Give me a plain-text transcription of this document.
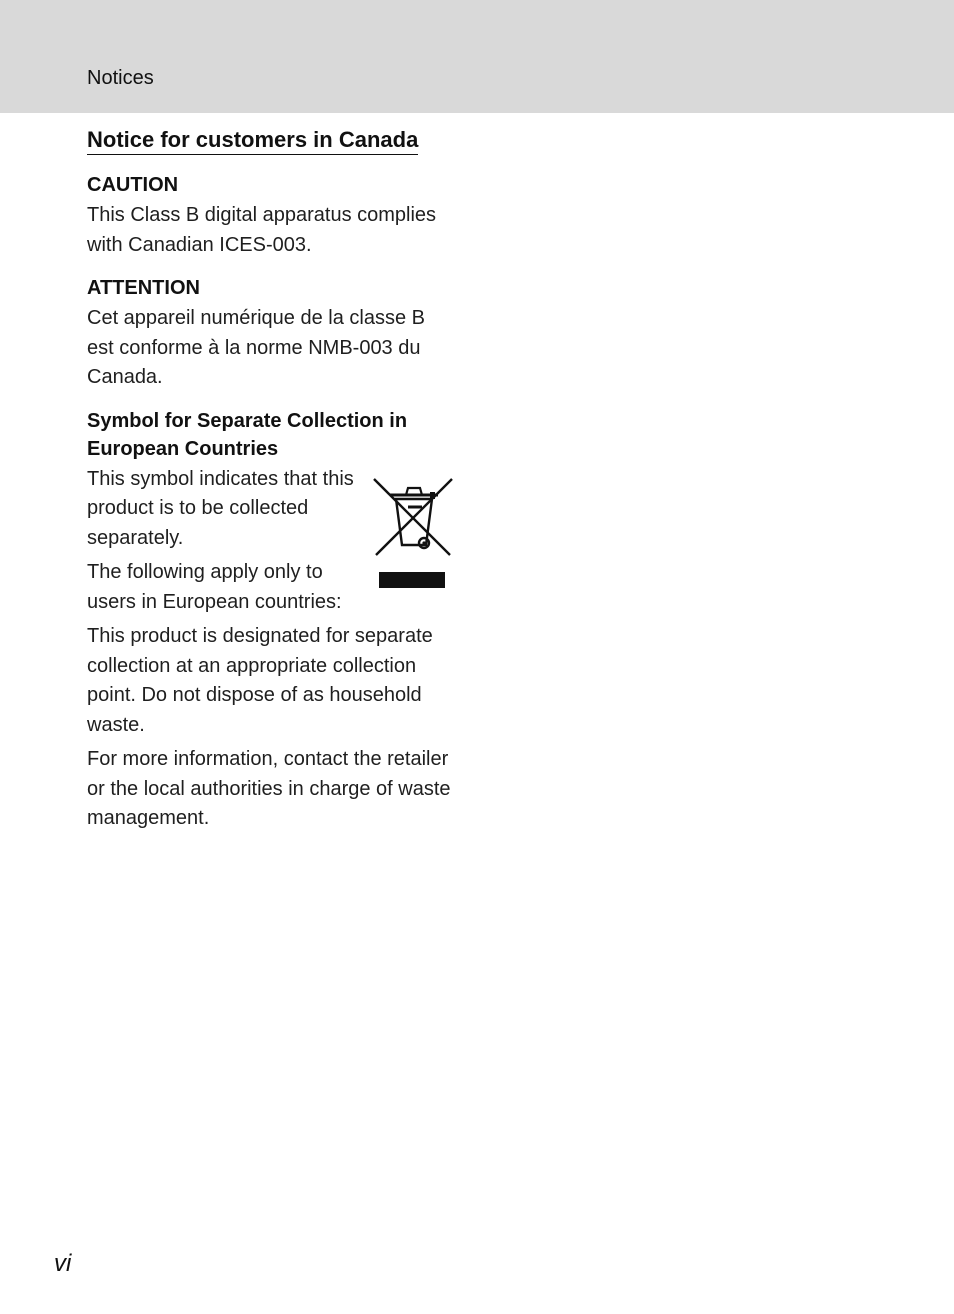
Notices
Notice for customers in Canada
CAUTION

This Class B digital apparatus complies with Canadian ICES-003.

ATTENTION

Cet appareil numérique de la classe B est conforme à la norme NMB-003 du Canada.

Symbol for Separate Collection in European Countries

This symbol indicates that this product is to be collected separately.

The following apply only to users in European countries:

This product is designated for separate collection at an appropriate collection point. Do not dispose of as household waste.

For more information, contact the retailer or the local authorities in charge of waste management.

vi
